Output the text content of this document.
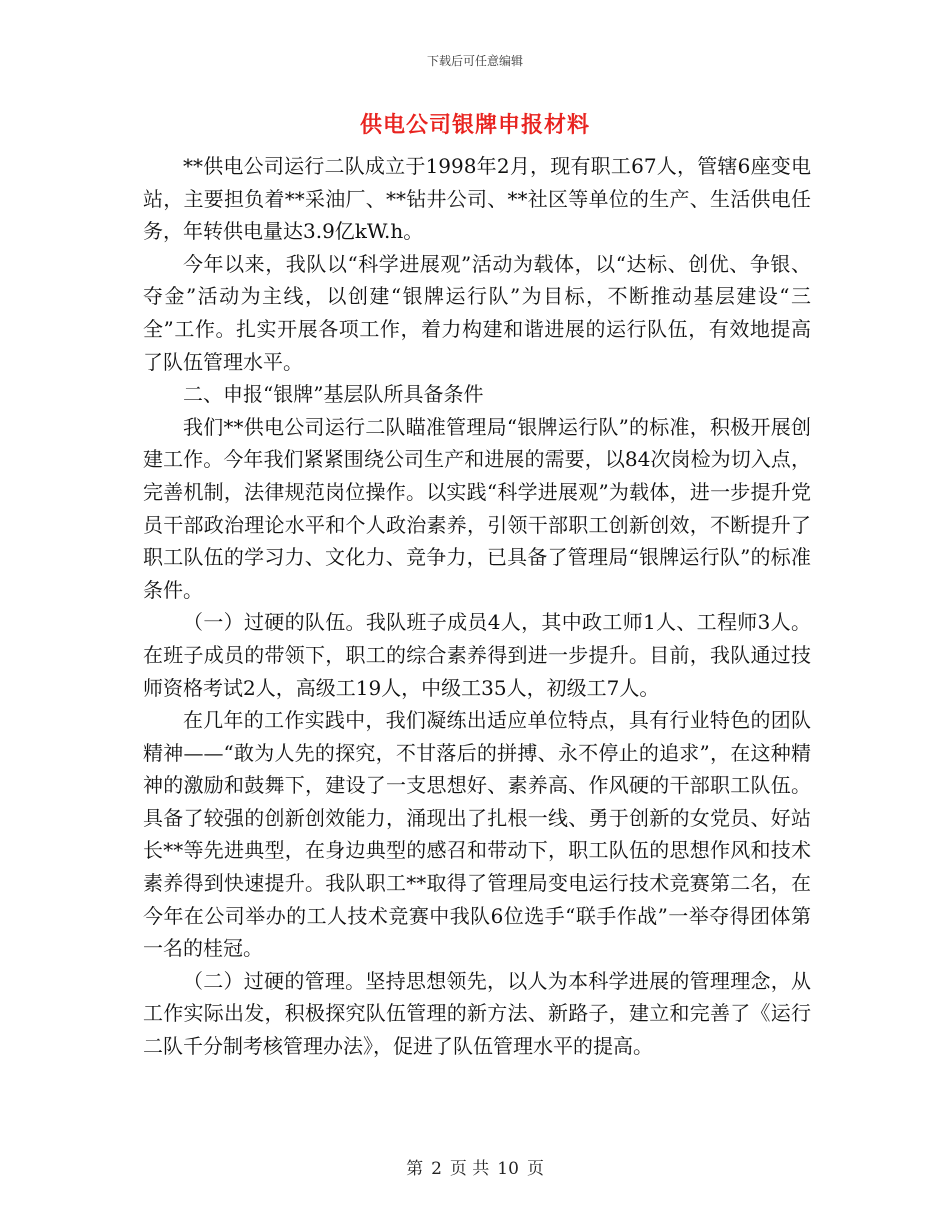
下载后可任意编辑
供电公司银牌申报材料

**供电公司运行二队成立于1998年2月，现有职工67人，管辖6座变电站，主要担负着**采油厂、**钻井公司、**社区等单位的生产、生活供电任务，年转供电量达3.9亿kW.h。

今年以来，我队以“科学进展观”活动为载体，以“达标、创优、争银、夺金”活动为主线，以创建“银牌运行队”为目标，不断推动基层建设“三全”工作。扎实开展各项工作，着力构建和谐进展的运行队伍，有效地提高了队伍管理水平。

二、申报“银牌”基层队所具备条件

我们**供电公司运行二队瞄准管理局“银牌运行队”的标准，积极开展创建工作。今年我们紧紧围绕公司生产和进展的需要，以84次岗检为切入点，完善机制，法律规范岗位操作。以实践“科学进展观”为载体，进一步提升党员干部政治理论水平和个人政治素养，引领干部职工创新创效，不断提升了职工队伍的学习力、文化力、竞争力，已具备了管理局“银牌运行队”的标准条件。

（一）过硬的队伍。我队班子成员4人，其中政工师1人、工程师3人。在班子成员的带领下，职工的综合素养得到进一步提升。目前，我队通过技师资格考试2人，高级工19人，中级工35人，初级工7人。

在几年的工作实践中，我们凝练出适应单位特点，具有行业特色的团队精神——“敢为人先的探究，不甘落后的拼搏、永不停止的追求”，在这种精神的激励和鼓舞下，建设了一支思想好、素养高、作风硬的干部职工队伍。具备了较强的创新创效能力，涌现出了扎根一线、勇于创新的女党员、好站长**等先进典型，在身边典型的感召和带动下，职工队伍的思想作风和技术素养得到快速提升。我队职工**取得了管理局变电运行技术竞赛第二名，在今年在公司举办的工人技术竞赛中我队6位选手“联手作战”一举夺得团体第一名的桂冠。

（二）过硬的管理。坚持思想领先，以人为本科学进展的管理理念，从工作实际出发，积极探究队伍管理的新方法、新路子，建立和完善了《运行二队千分制考核管理办法》，促进了队伍管理水平的提高。

第 2 页 共 10 页
